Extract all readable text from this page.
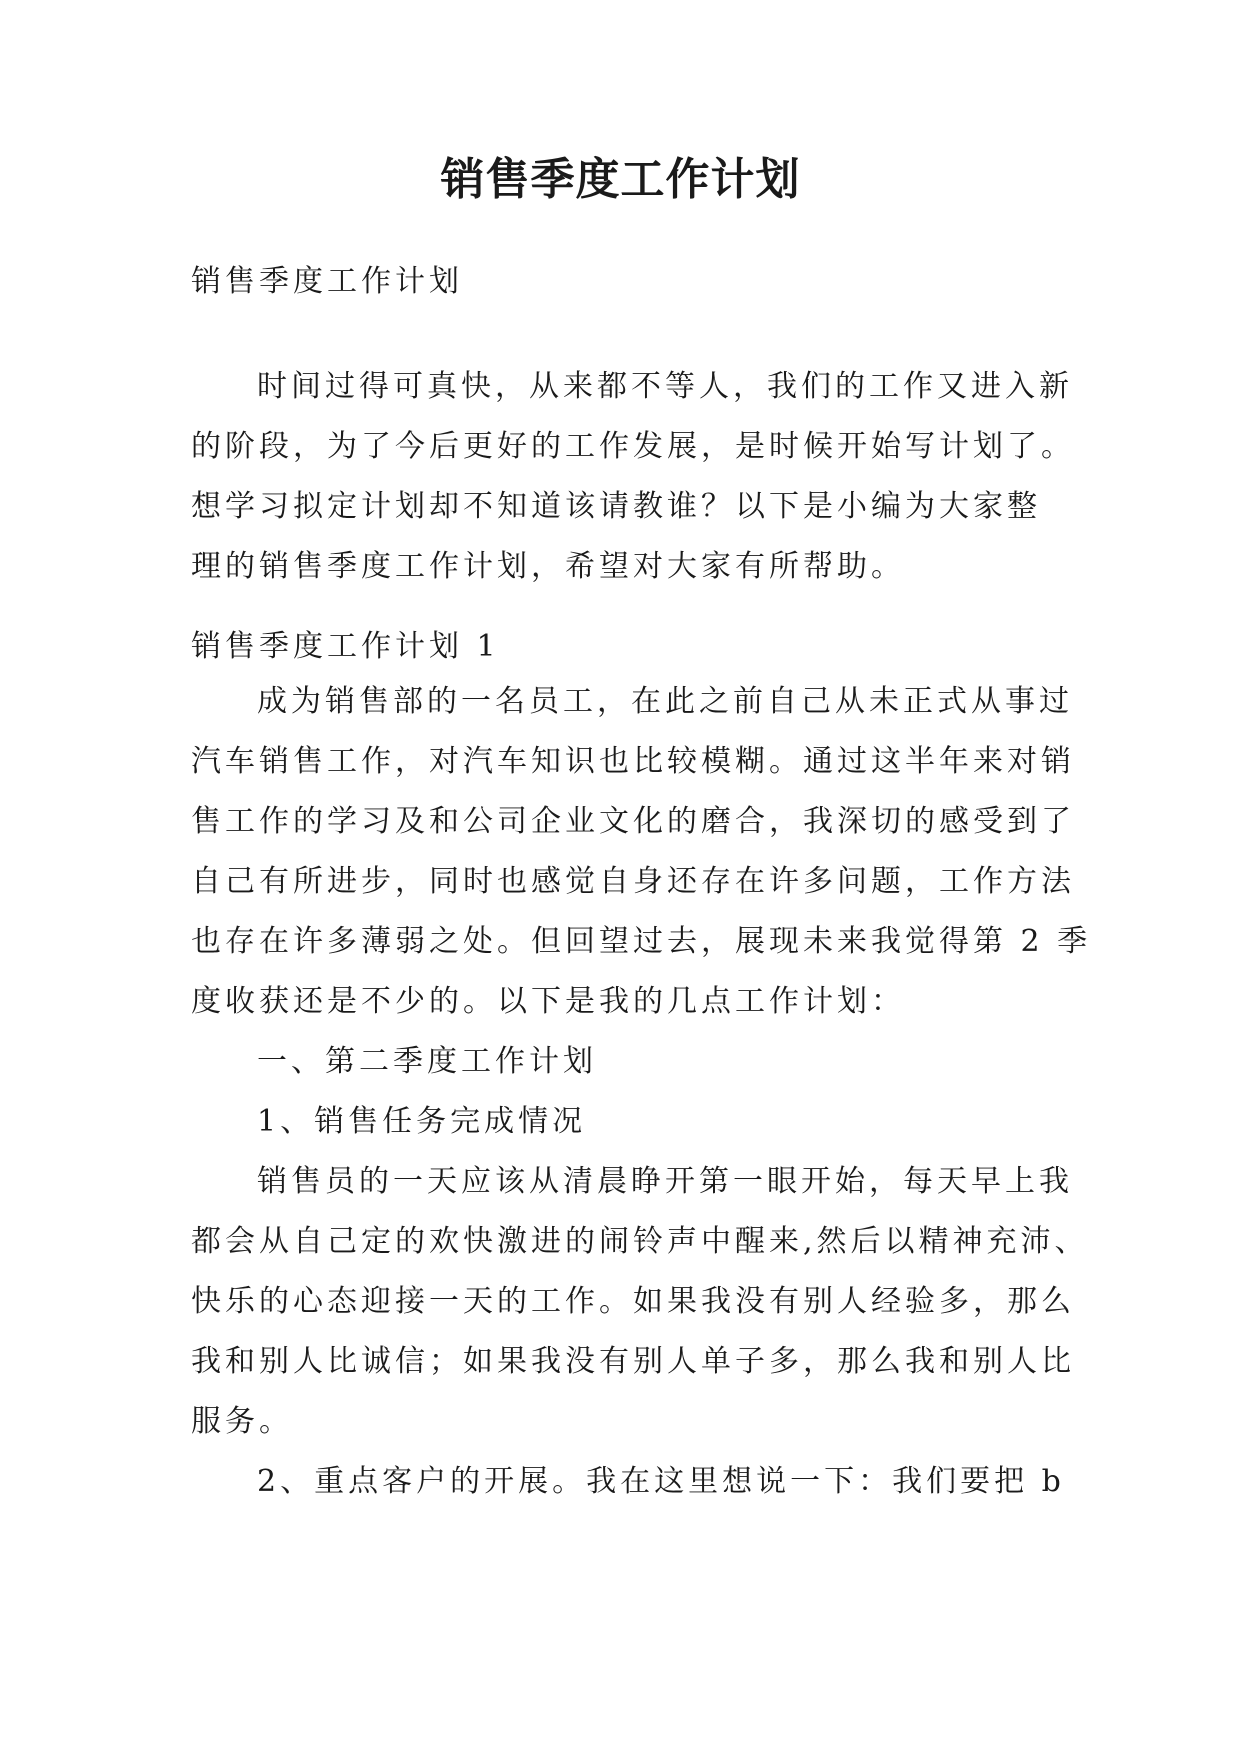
销售季度工作计划

销售季度工作计划

时间过得可真快，从来都不等人，我们的工作又进入新
的阶段，为了今后更好的工作发展，是时候开始写计划了。
想学习拟定计划却不知道该请教谁？以下是小编为大家整
理的销售季度工作计划，希望对大家有所帮助。

销售季度工作计划 1

成为销售部的一名员工，在此之前自己从未正式从事过
汽车销售工作，对汽车知识也比较模糊。通过这半年来对销
售工作的学习及和公司企业文化的磨合，我深切的感受到了
自己有所进步，同时也感觉自身还存在许多问题，工作方法
也存在许多薄弱之处。但回望过去，展现未来我觉得第 2 季
度收获还是不少的。以下是我的几点工作计划：
一、第二季度工作计划
1、销售任务完成情况
销售员的一天应该从清晨睁开第一眼开始，每天早上我
都会从自己定的欢快激进的闹铃声中醒来,然后以精神充沛、
快乐的心态迎接一天的工作。如果我没有别人经验多，那么
我和别人比诚信；如果我没有别人单子多，那么我和别人比
服务。
2、重点客户的开展。我在这里想说一下：我们要把 b
